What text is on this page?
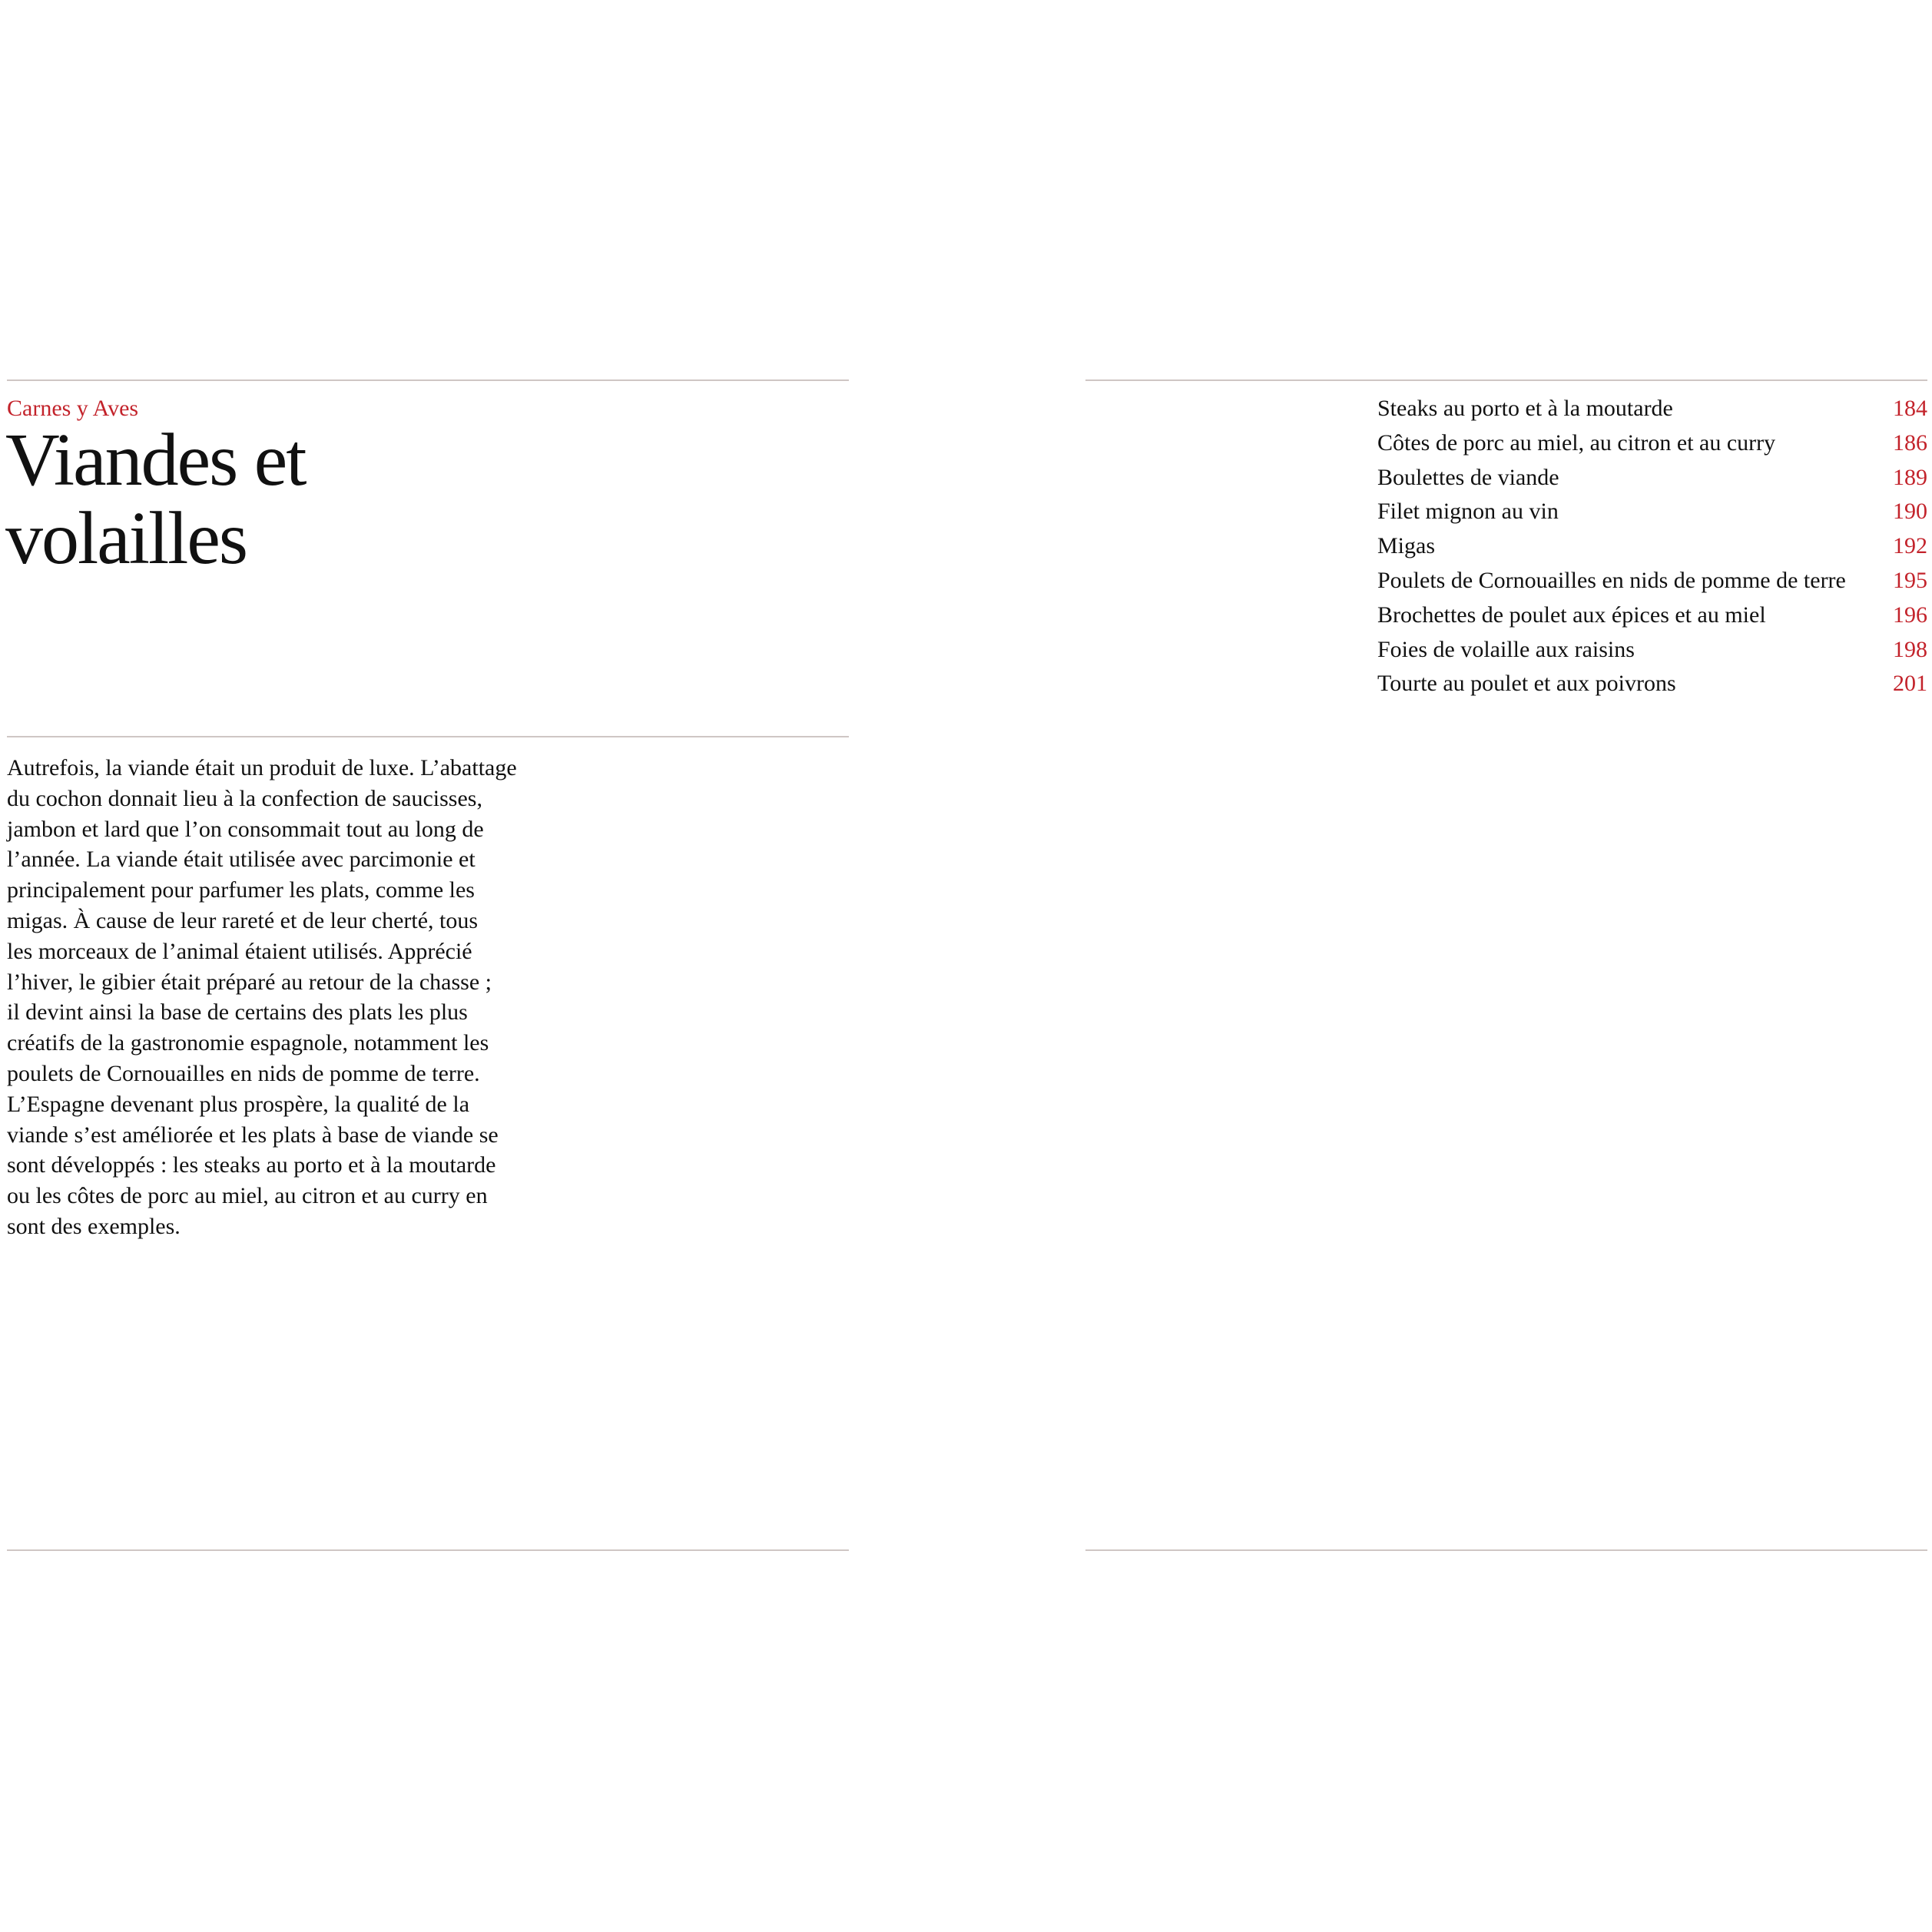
Carnes y Aves
Viandes et
volailles
Steaks au porto et à la moutarde	184
Côtes de porc au miel, au citron et au curry	186
Boulettes de viande	189
Filet mignon au vin	190
Migas	192
Poulets de Cornouailles en nids de pomme de terre 195
Brochettes de poulet aux épices et au miel	196
Foies de volaille aux raisins	198
Tourte au poulet et aux poivrons	201

Autrefois, la viande était un produit de luxe. L’abattage
du cochon donnait lieu à la confection de saucisses,
jambon et lard que l’on consommait tout au long de
l’année. La viande était utilisée avec parcimonie et
principalement pour parfumer les plats, comme les
migas. À cause de leur rareté et de leur cherté, tous
les morceaux de l’animal étaient utilisés. Apprécié
l’hiver, le gibier était préparé au retour de la chasse ;
il devint ainsi la base de certains des plats les plus
créatifs de la gastronomie espagnole, notamment les
poulets de Cornouailles en nids de pomme de terre.
L’Espagne devenant plus prospère, la qualité de la
viande s’est améliorée et les plats à base de viande se
sont développés : les steaks au porto et à la moutarde
ou les côtes de porc au miel, au citron et au curry en
sont des exemples.
